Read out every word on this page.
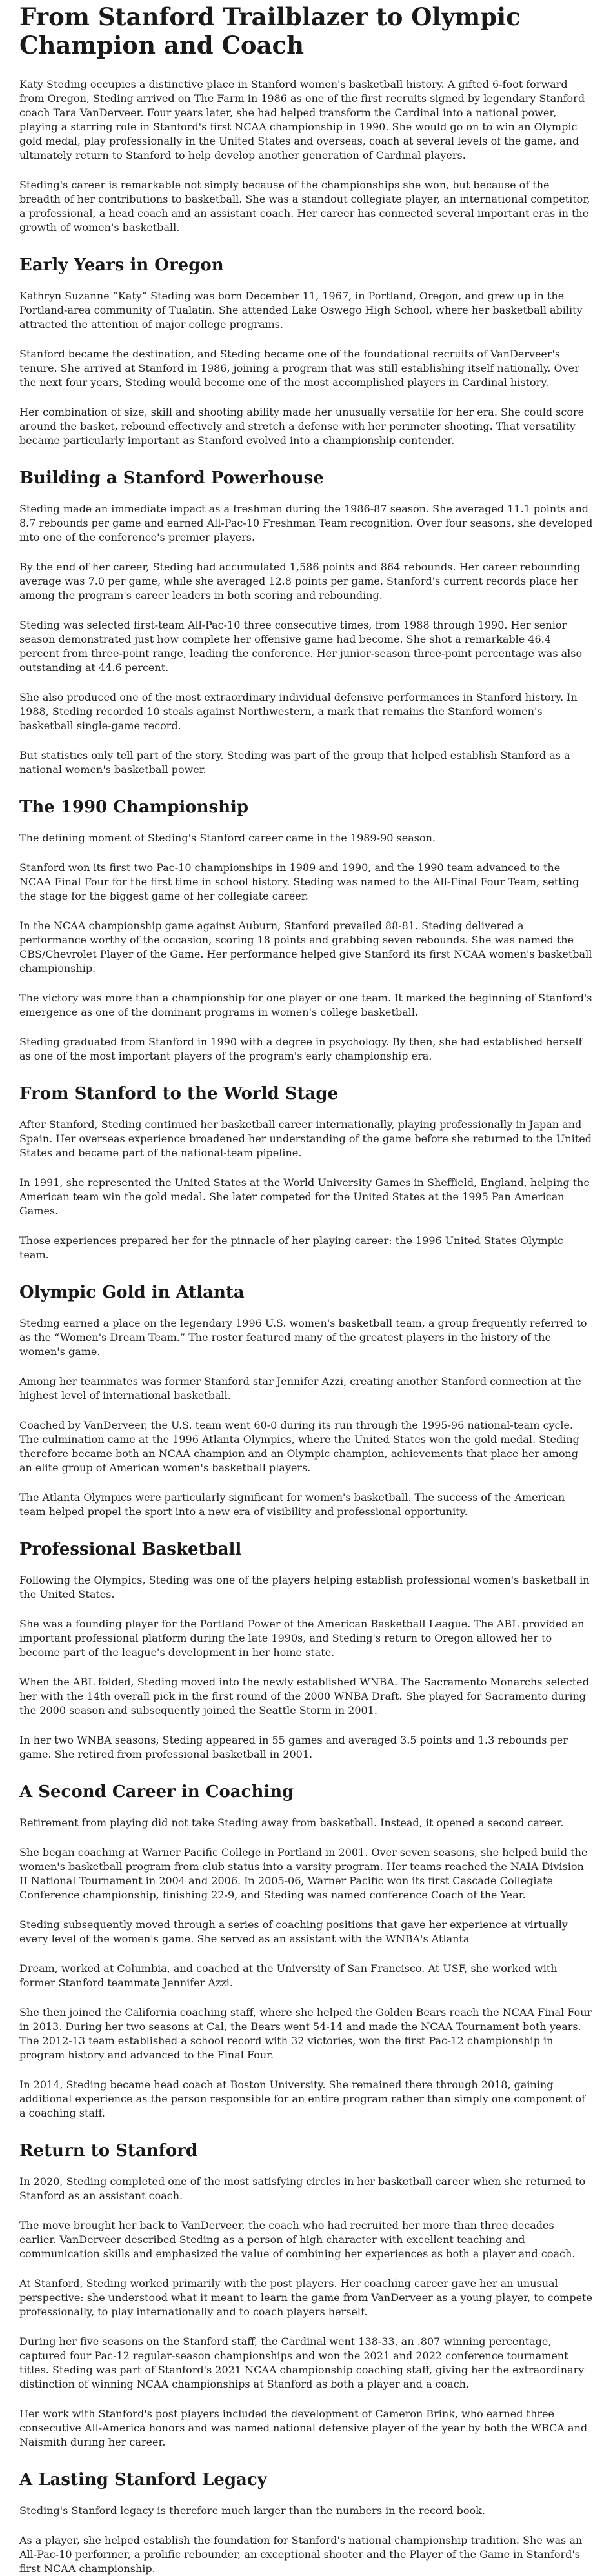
From Stanford Trailblazer to Olympic Champion and Coach

Katy Steding occupies a distinctive place in Stanford women's basketball history. A gifted 6-foot forward from Oregon, Steding arrived on The Farm in 1986 as one of the first recruits signed by legendary Stanford coach Tara VanDerveer. Four years later, she had helped transform the Cardinal into a national power, playing a starring role in Stanford's first NCAA championship in 1990. She would go on to win an Olympic gold medal, play professionally in the United States and overseas, coach at several levels of the game, and ultimately return to Stanford to help develop another generation of Cardinal players.

Steding's career is remarkable not simply because of the championships she won, but because of the breadth of her contributions to basketball. She was a standout collegiate player, an international competitor, a professional, a head coach and an assistant coach. Her career has connected several important eras in the growth of women's basketball.

Early Years in Oregon

Kathryn Suzanne “Katy” Steding was born December 11, 1967, in Portland, Oregon, and grew up in the Portland-area community of Tualatin. She attended Lake Oswego High School, where her basketball ability attracted the attention of major college programs.

Stanford became the destination, and Steding became one of the foundational recruits of VanDerveer's tenure. She arrived at Stanford in 1986, joining a program that was still establishing itself nationally. Over the next four years, Steding would become one of the most accomplished players in Cardinal history.

Her combination of size, skill and shooting ability made her unusually versatile for her era. She could score around the basket, rebound effectively and stretch a defense with her perimeter shooting. That versatility became particularly important as Stanford evolved into a championship contender.

Building a Stanford Powerhouse

Steding made an immediate impact as a freshman during the 1986-87 season. She averaged 11.1 points and 8.7 rebounds per game and earned All-Pac-10 Freshman Team recognition. Over four seasons, she developed into one of the conference's premier players.

By the end of her career, Steding had accumulated 1,586 points and 864 rebounds. Her career rebounding average was 7.0 per game, while she averaged 12.8 points per game. Stanford's current records place her among the program's career leaders in both scoring and rebounding.

Steding was selected first-team All-Pac-10 three consecutive times, from 1988 through 1990. Her senior season demonstrated just how complete her offensive game had become. She shot a remarkable 46.4 percent from three-point range, leading the conference. Her junior-season three-point percentage was also outstanding at 44.6 percent.

She also produced one of the most extraordinary individual defensive performances in Stanford history. In 1988, Steding recorded 10 steals against Northwestern, a mark that remains the Stanford women's basketball single-game record.

But statistics only tell part of the story. Steding was part of the group that helped establish Stanford as a national women's basketball power.

The 1990 Championship

The defining moment of Steding's Stanford career came in the 1989-90 season.

Stanford won its first two Pac-10 championships in 1989 and 1990, and the 1990 team advanced to the NCAA Final Four for the first time in school history. Steding was named to the All-Final Four Team, setting the stage for the biggest game of her collegiate career.

In the NCAA championship game against Auburn, Stanford prevailed 88-81. Steding delivered a performance worthy of the occasion, scoring 18 points and grabbing seven rebounds. She was named the CBS/Chevrolet Player of the Game. Her performance helped give Stanford its first NCAA women's basketball championship.

The victory was more than a championship for one player or one team. It marked the beginning of Stanford's emergence as one of the dominant programs in women's college basketball.

Steding graduated from Stanford in 1990 with a degree in psychology. By then, she had established herself as one of the most important players of the program's early championship era.

From Stanford to the World Stage

After Stanford, Steding continued her basketball career internationally, playing professionally in Japan and Spain. Her overseas experience broadened her understanding of the game before she returned to the United States and became part of the national-team pipeline.

In 1991, she represented the United States at the World University Games in Sheffield, England, helping the American team win the gold medal. She later competed for the United States at the 1995 Pan American Games.

Those experiences prepared her for the pinnacle of her playing career: the 1996 United States Olympic team.

Olympic Gold in Atlanta

Steding earned a place on the legendary 1996 U.S. women's basketball team, a group frequently referred to as the “Women's Dream Team.” The roster featured many of the greatest players in the history of the women's game.

Among her teammates was former Stanford star Jennifer Azzi, creating another Stanford connection at the highest level of international basketball.

Coached by VanDerveer, the U.S. team went 60-0 during its run through the 1995-96 national-team cycle. The culmination came at the 1996 Atlanta Olympics, where the United States won the gold medal. Steding therefore became both an NCAA champion and an Olympic champion, achievements that place her among an elite group of American women's basketball players.

The Atlanta Olympics were particularly significant for women's basketball. The success of the American team helped propel the sport into a new era of visibility and professional opportunity.

Professional Basketball

Following the Olympics, Steding was one of the players helping establish professional women's basketball in the United States.

She was a founding player for the Portland Power of the American Basketball League. The ABL provided an important professional platform during the late 1990s, and Steding's return to Oregon allowed her to become part of the league's development in her home state.

When the ABL folded, Steding moved into the newly established WNBA. The Sacramento Monarchs selected her with the 14th overall pick in the first round of the 2000 WNBA Draft. She played for Sacramento during the 2000 season and subsequently joined the Seattle Storm in 2001.

In her two WNBA seasons, Steding appeared in 55 games and averaged 3.5 points and 1.3 rebounds per game. She retired from professional basketball in 2001.

A Second Career in Coaching

Retirement from playing did not take Steding away from basketball. Instead, it opened a second career.

She began coaching at Warner Pacific College in Portland in 2001. Over seven seasons, she helped build the women's basketball program from club status into a varsity program. Her teams reached the NAIA Division II National Tournament in 2004 and 2006. In 2005-06, Warner Pacific won its first Cascade Collegiate Conference championship, finishing 22-9, and Steding was named conference Coach of the Year.

Steding subsequently moved through a series of coaching positions that gave her experience at virtually every level of the women's game. She served as an assistant with the WNBA's Atlanta

Dream, worked at Columbia, and coached at the University of San Francisco. At USF, she worked with former Stanford teammate Jennifer Azzi.

She then joined the California coaching staff, where she helped the Golden Bears reach the NCAA Final Four in 2013. During her two seasons at Cal, the Bears went 54-14 and made the NCAA Tournament both years. The 2012-13 team established a school record with 32 victories, won the first Pac-12 championship in program history and advanced to the Final Four.

In 2014, Steding became head coach at Boston University. She remained there through 2018, gaining additional experience as the person responsible for an entire program rather than simply one component of a coaching staff.

Return to Stanford

In 2020, Steding completed one of the most satisfying circles in her basketball career when she returned to Stanford as an assistant coach.

The move brought her back to VanDerveer, the coach who had recruited her more than three decades earlier. VanDerveer described Steding as a person of high character with excellent teaching and communication skills and emphasized the value of combining her experiences as both a player and coach.

At Stanford, Steding worked primarily with the post players. Her coaching career gave her an unusual perspective: she understood what it meant to learn the game from VanDerveer as a young player, to compete professionally, to play internationally and to coach players herself.

During her five seasons on the Stanford staff, the Cardinal went 138-33, an .807 winning percentage, captured four Pac-12 regular-season championships and won the 2021 and 2022 conference tournament titles. Steding was part of Stanford's 2021 NCAA championship coaching staff, giving her the extraordinary distinction of winning NCAA championships at Stanford as both a player and a coach.

Her work with Stanford's post players included the development of Cameron Brink, who earned three consecutive All-America honors and was named national defensive player of the year by both the WBCA and Naismith during her career.

A Lasting Stanford Legacy

Steding's Stanford legacy is therefore much larger than the numbers in the record book.

As a player, she helped establish the foundation for Stanford's national championship tradition. She was an All-Pac-10 performer, a prolific rebounder, an exceptional shooter and the Player of the Game in Stanford's first NCAA championship.
